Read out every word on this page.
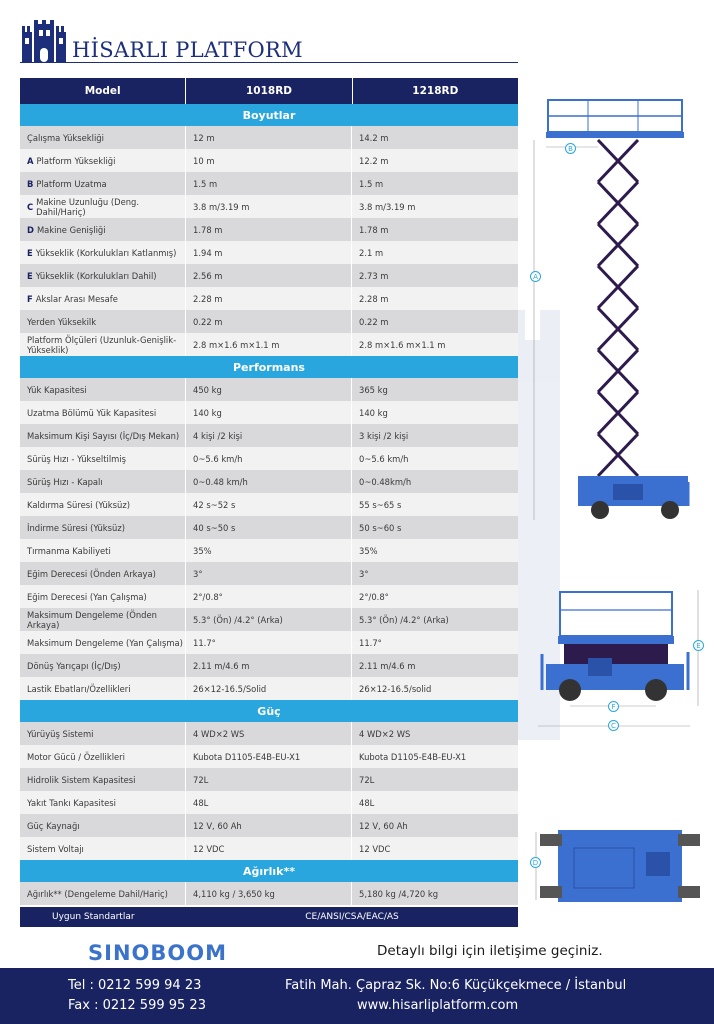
HİSARLI PLATFORM
Model	1018RD	1218RD
Boyutlar
Çalışma Yüksekliği	12 m	14.2 m
A Platform Yüksekliği	10 m	12.2 m
B Platform Uzatma	1.5 m	1.5 m
C Makine Uzunluğu (Deng. Dahil/Hariç)	3.8 m/3.19 m	3.8 m/3.19 m
D Makine Genişliği	1.78 m	1.78 m
E Yükseklik (Korkulukları Katlanmış)	1.94 m	2.1 m
E Yükseklik (Korkulukları Dahil)	2.56 m	2.73 m
F Akslar Arası Mesafe	2.28 m	2.28 m
Yerden Yüksekilk	0.22 m	0.22 m
Platform Ölçüleri (Uzunluk-Genişlik-Yükseklik)	2.8 m×1.6 m×1.1 m	2.8 m×1.6 m×1.1 m
Performans
Yük Kapasitesi	450 kg	365 kg
Uzatma Bölümü Yük Kapasitesi	140 kg	140 kg
Maksimum Kişi Sayısı (İç/Dış Mekan)	4 kişi /2 kişi	3 kişi /2 kişi
Sürüş Hızı - Yükseltilmiş	0~5.6 km/h	0~5.6 km/h
Sürüş Hızı - Kapalı	0~0.48 km/h	0~0.48km/h
Kaldırma Süresi (Yüksüz)	42 s~52 s	55 s~65 s
İndirme Süresi (Yüksüz)	40 s~50 s	50 s~60 s
Tırmanma Kabiliyeti	35%	35%
Eğim Derecesi (Önden Arkaya)	3°	3°
Eğim Derecesi (Yan Çalışma)	2°/0.8°	2°/0.8°
Maksimum Dengeleme (Önden Arkaya)	5.3° (Ön) /4.2° (Arka)	5.3° (Ön) /4.2° (Arka)
Maksimum Dengeleme (Yan Çalışma)	11.7°	11.7°
Dönüş Yarıçapı (İç/Dış)	2.11 m/4.6 m	2.11 m/4.6 m
Lastik Ebatları/Özellikleri	26×12-16.5/Solid	26×12-16.5/solid
Güç
Yürüyüş Sistemi	4 WD×2 WS	4 WD×2 WS
Motor Gücü / Özellikleri	Kubota D1105-E4B-EU-X1	Kubota D1105-E4B-EU-X1
Hidrolik Sistem Kapasitesi	72L	72L
Yakıt Tankı Kapasitesi	48L	48L
Güç Kaynağı	12 V, 60 Ah	12 V, 60 Ah
Sistem Voltajı	12 VDC	12 VDC
Ağırlık**
Ağırlık** (Dengeleme Dahil/Hariç)	4,110 kg / 3,650 kg	5,180 kg /4,720 kg
Uygun Standartlar	CE/ANSI/CSA/EAC/AS
B
A
E
F
C
D
SINOBOOM	Detaylı bilgi için iletişime geçiniz.
Tel : 0212 599 94 23
Fax : 0212 599 95 23
Fatih Mah. Çapraz Sk. No:6 Küçükçekmece / İstanbul
www.hisarliplatform.com
